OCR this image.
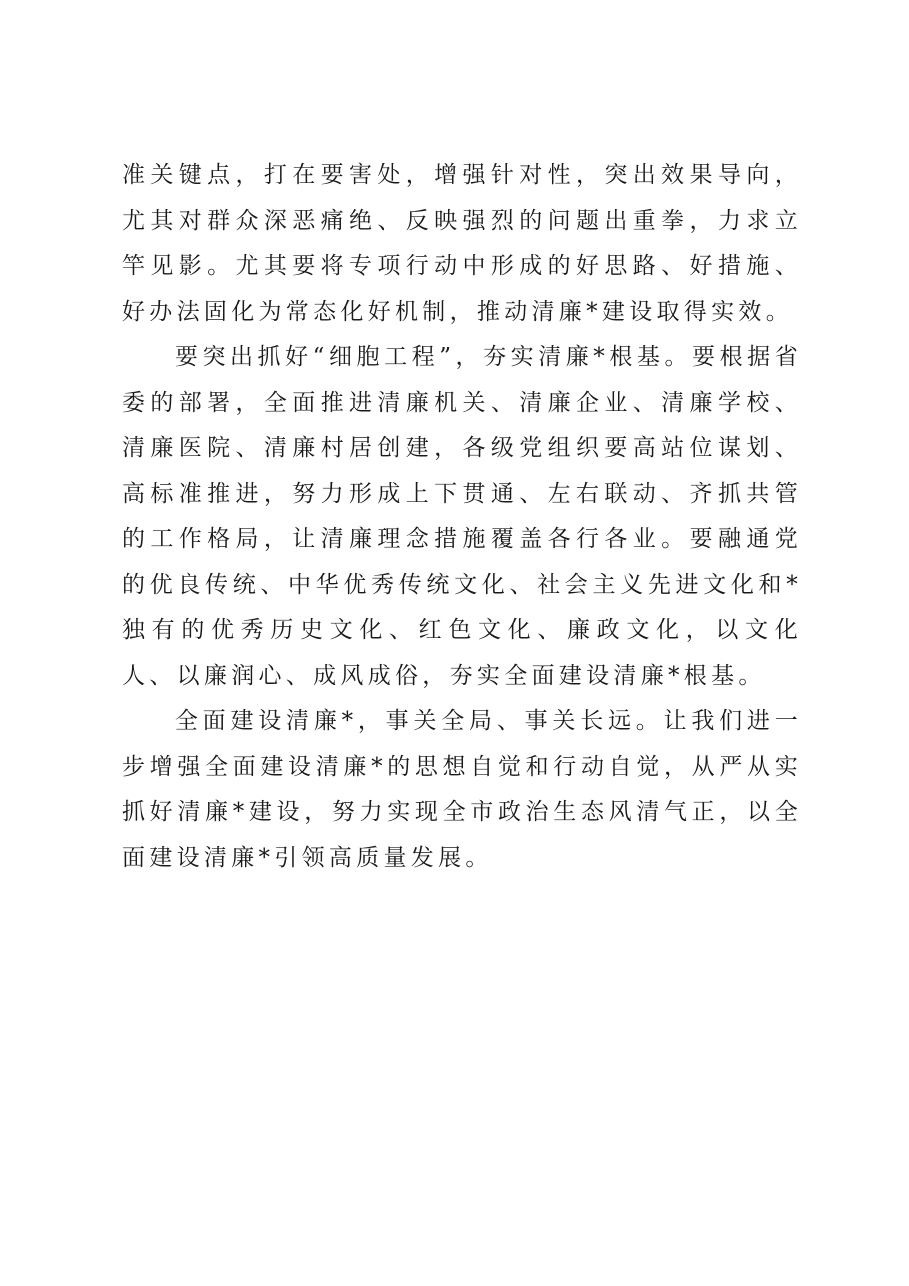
准关键点，打在要害处，增强针对性，突出效果导向，尤其对群众深恶痛绝、反映强烈的问题出重拳，力求立竿见影。尤其要将专项行动中形成的好思路、好措施、好办法固化为常态化好机制，推动清廉*建设取得实效。

要突出抓好“细胞工程”，夯实清廉*根基。要根据省委的部署，全面推进清廉机关、清廉企业、清廉学校、清廉医院、清廉村居创建，各级党组织要高站位谋划、高标准推进，努力形成上下贯通、左右联动、齐抓共管的工作格局，让清廉理念措施覆盖各行各业。要融通党的优良传统、中华优秀传统文化、社会主义先进文化和*独有的优秀历史文化、红色文化、廉政文化，以文化人、以廉润心、成风成俗，夯实全面建设清廉*根基。

全面建设清廉*，事关全局、事关长远。让我们进一步增强全面建设清廉*的思想自觉和行动自觉，从严从实抓好清廉*建设，努力实现全市政治生态风清气正，以全面建设清廉*引领高质量发展。
